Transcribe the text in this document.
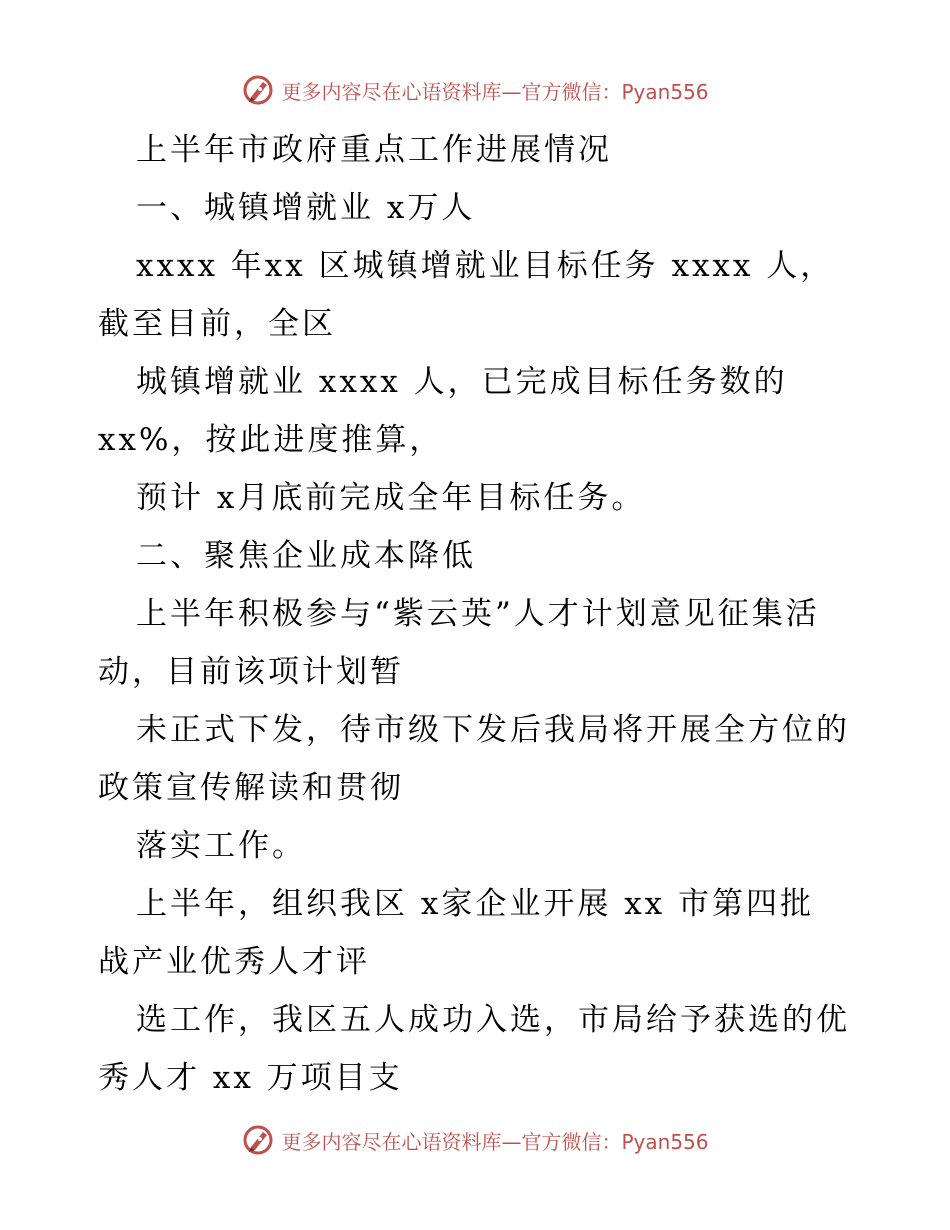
更多内容尽在心语资料库—官方微信：Pyan556
上半年市政府重点工作进展情况
一、城镇增就业 x万人
xxxx 年xx 区城镇增就业目标任务 xxxx 人，
截至目前，全区
城镇增就业 xxxx 人，已完成目标任务数的
xx%，按此进度推算，
预计 x月底前完成全年目标任务。
二、聚焦企业成本降低
上半年积极参与“紫云英”人才计划意见征集活
动，目前该项计划暂
未正式下发，待市级下发后我局将开展全方位的
政策宣传解读和贯彻
落实工作。
上半年，组织我区 x家企业开展 xx 市第四批
战产业优秀人才评
选工作，我区五人成功入选，市局给予获选的优
秀人才 xx 万项目支
更多内容尽在心语资料库—官方微信：Pyan556
